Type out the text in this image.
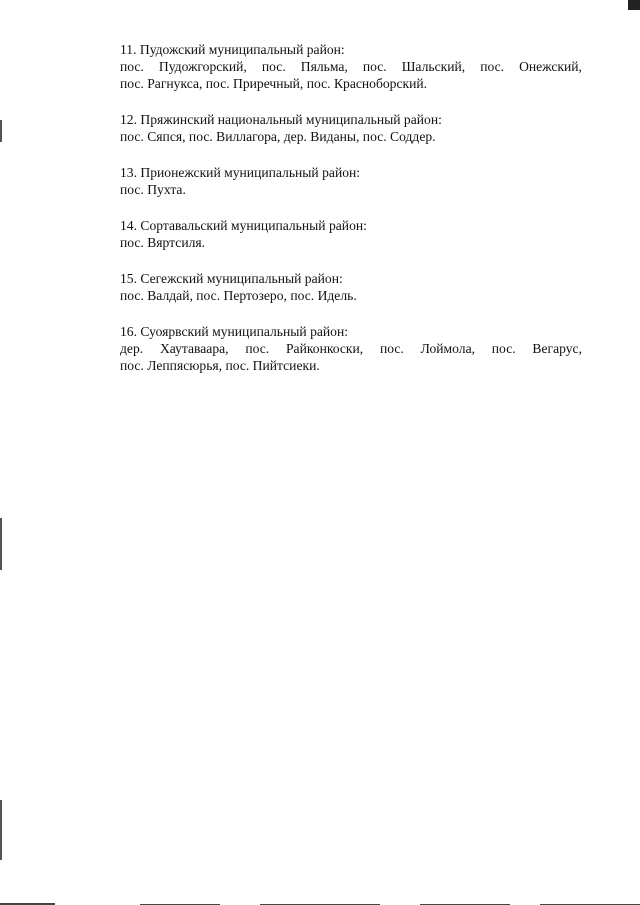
11. Пудожский муниципальный район:
пос. Пудожгорский, пос. Пяльма, пос. Шальский, пос. Онежский,
пос. Рагнукса, пос. Приречный, пос. Красноборский.
12. Пряжинский национальный муниципальный район:
пос. Сяпся, пос. Виллагора, дер. Виданы, пос. Соддер.
13. Прионежский муниципальный район:
пос. Пухта.
14. Сортавальский муниципальный район:
пос. Вяртсиля.
15. Сегежский муниципальный район:
пос. Валдай, пос. Пертозеро, пос. Идель.
16. Суоярвский муниципальный район:
дер. Хаутаваара, пос. Райконкоски, пос. Лоймола, пос. Вегарус,
пос. Леппясюрья, пос. Пийтсиеки.
